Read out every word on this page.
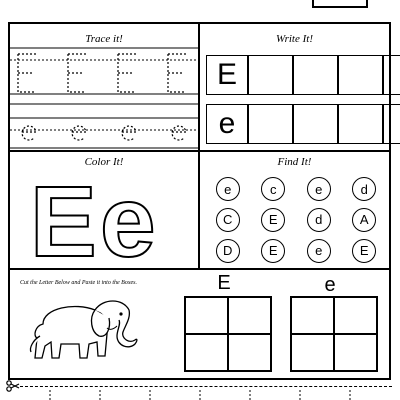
Trace it!	Write It!
E
e
Color It!
E e
Find It!
e	c	e	d
C	E	d	A
D	E	e	E
Cut the Letter Below and Paste it into the Boxes.	E	e
